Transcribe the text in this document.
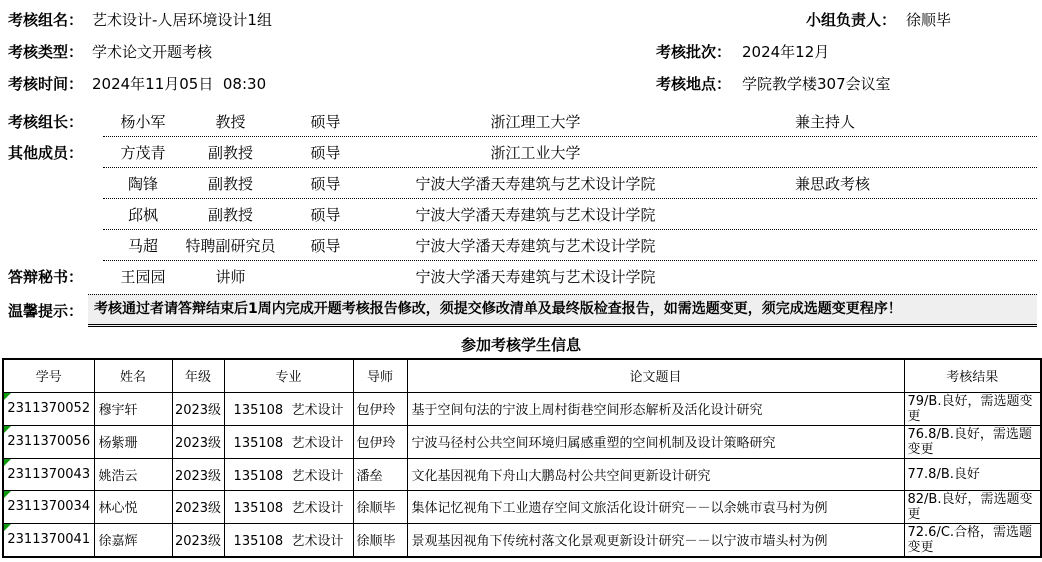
考核组名： 艺术设计-人居环境设计1组	小组负责人： 徐顺毕
考核类型： 学术论文开题考核	考核批次： 2024年12月
考核时间： 2024年11月05日  08:30	考核地点： 学院教学楼307会议室
考核组长：	杨小军	教授	硕导	浙江理工大学	兼主持人
其他成员：	方茂青	副教授	硕导	浙江工业大学
陶锋	副教授	硕导	宁波大学潘天寿建筑与艺术设计学院	兼思政考核
邱枫	副教授	硕导	宁波大学潘天寿建筑与艺术设计学院
马超	特聘副研究员	硕导	宁波大学潘天寿建筑与艺术设计学院
答辩秘书：	王园园	讲师	宁波大学潘天寿建筑与艺术设计学院
温馨提示： 考核通过者请答辩结束后1周内完成开题考核报告修改，须提交修改清单及最终版检查报告，如需选题变更，须完成选题变更程序！
参加考核学生信息
学号	姓名	年级	专业	导师	论文题目	考核结果

2311370052	穆宇轩	2023级	135108  艺术设计	包伊玲	基于空间句法的宁波上周村街巷空间形态解析及活化设计研究	79/B.良好，需选题变更

2311370056	杨紫珊	2023级	135108  艺术设计	包伊玲	宁波马径村公共空间环境归属感重塑的空间机制及设计策略研究	76.8/B.良好，需选题变更

2311370043	姚浩云	2023级	135108  艺术设计	潘垒	文化基因视角下舟山大鹏岛村公共空间更新设计研究	77.8/B.良好

2311370034	林心悦	2023级	135108  艺术设计	徐顺毕	集体记忆视角下工业遗存空间文旅活化设计研究－－以余姚市袁马村为例	82/B.良好，需选题变更

2311370041	徐嘉辉	2023级	135108  艺术设计	徐顺毕	景观基因视角下传统村落文化景观更新设计研究－－以宁波市墙头村为例	72.6/C.合格，需选题变更
